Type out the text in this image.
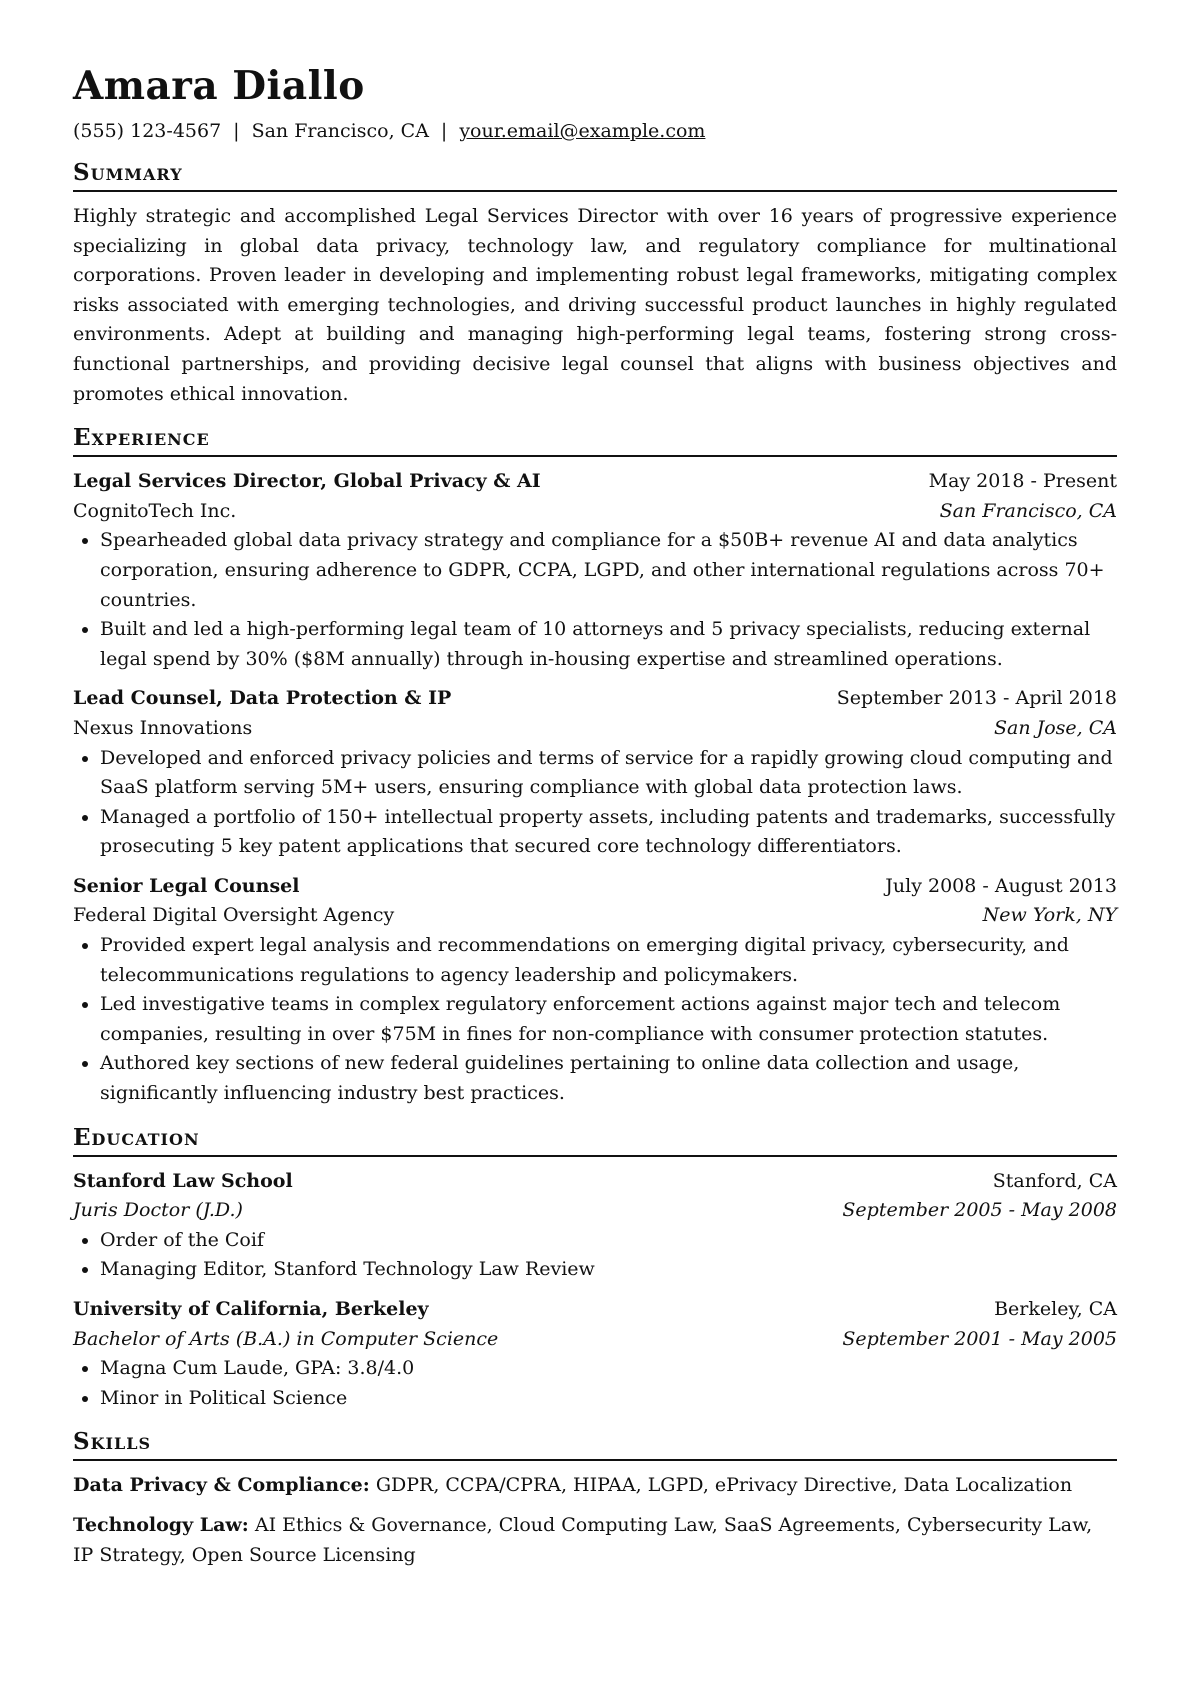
Amara Diallo
(555) 123-4567 | San Francisco, CA | your.email@example.com
Summary
Highly strategic and accomplished Legal Services Director with over 16 years of progressive experience specializing in global data privacy, technology law, and regulatory compliance for multinational corporations. Proven leader in developing and implementing robust legal frameworks, mitigating complex risks associated with emerging technologies, and driving successful product launches in highly regulated environments. Adept at building and managing high-performing legal teams, fostering strong cross-functional partnerships, and providing decisive legal counsel that aligns with business objectives and promotes ethical innovation.
Experience
Legal Services Director, Global Privacy & AI	May 2018 - Present
CognitoTech Inc.	San Francisco, CA
• Spearheaded global data privacy strategy and compliance for a $50B+ revenue AI and data analytics corporation, ensuring adherence to GDPR, CCPA, LGPD, and other international regulations across 70+ countries.
• Built and led a high-performing legal team of 10 attorneys and 5 privacy specialists, reducing external legal spend by 30% ($8M annually) through in-housing expertise and streamlined operations.
Lead Counsel, Data Protection & IP	September 2013 - April 2018
Nexus Innovations	San Jose, CA
• Developed and enforced privacy policies and terms of service for a rapidly growing cloud computing and SaaS platform serving 5M+ users, ensuring compliance with global data protection laws.
• Managed a portfolio of 150+ intellectual property assets, including patents and trademarks, successfully prosecuting 5 key patent applications that secured core technology differentiators.
Senior Legal Counsel	July 2008 - August 2013
Federal Digital Oversight Agency	New York, NY
• Provided expert legal analysis and recommendations on emerging digital privacy, cybersecurity, and telecommunications regulations to agency leadership and policymakers.
• Led investigative teams in complex regulatory enforcement actions against major tech and telecom companies, resulting in over $75M in fines for non-compliance with consumer protection statutes.
• Authored key sections of new federal guidelines pertaining to online data collection and usage, significantly influencing industry best practices.
Education
Stanford Law School	Stanford, CA
Juris Doctor (J.D.)	September 2005 - May 2008
• Order of the Coif
• Managing Editor, Stanford Technology Law Review
University of California, Berkeley	Berkeley, CA
Bachelor of Arts (B.A.) in Computer Science	September 2001 - May 2005
• Magna Cum Laude, GPA: 3.8/4.0
• Minor in Political Science
Skills
Data Privacy & Compliance: GDPR, CCPA/CPRA, HIPAA, LGPD, ePrivacy Directive, Data Localization
Technology Law: AI Ethics & Governance, Cloud Computing Law, SaaS Agreements, Cybersecurity Law, IP Strategy, Open Source Licensing
